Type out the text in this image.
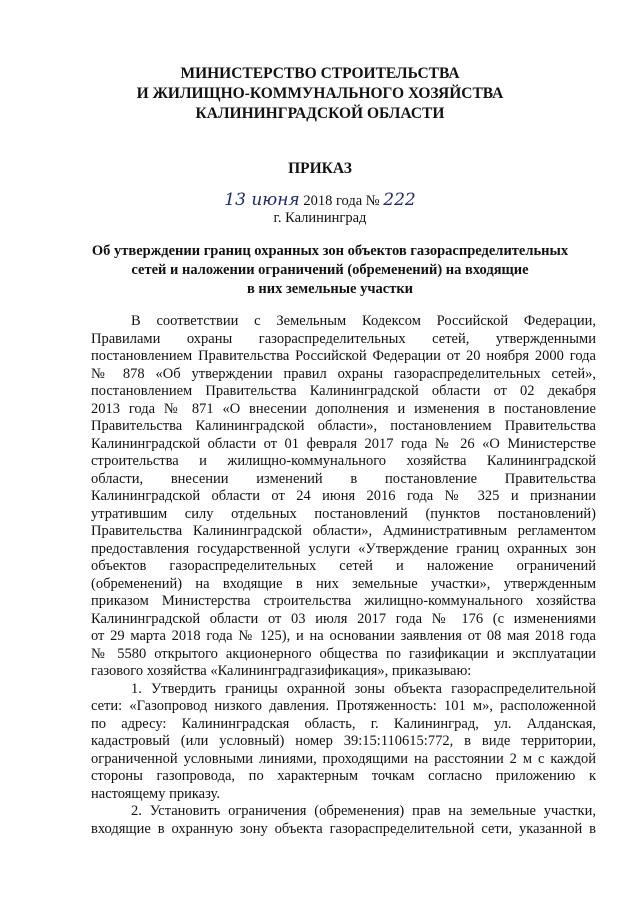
МИНИСТЕРСТВО СТРОИТЕЛЬСТВА
И ЖИЛИЩНО-КОММУНАЛЬНОГО ХОЗЯЙСТВА
КАЛИНИНГРАДСКОЙ ОБЛАСТИ
ПРИКАЗ
13 июня 2018 года № 222
г. Калининград
Об утверждении границ охранных зон объектов газораспределительных
сетей и наложении ограничений (обременений) на входящие
в них земельные участки
В соответствии с Земельным Кодексом Российской Федерации,
Правилами охраны газораспределительных сетей, утвержденными
постановлением Правительства Российской Федерации от 20 ноября 2000 года
№ 878 «Об утверждении правил охраны газораспределительных сетей»,
постановлением Правительства Калининградской области от 02 декабря
2013 года № 871 «О внесении дополнения и изменения в постановление
Правительства Калининградской области», постановлением Правительства
Калининградской области от 01 февраля 2017 года № 26 «О Министерстве
строительства и жилищно-коммунального хозяйства Калининградской
области, внесении изменений в постановление Правительства
Калининградской области от 24 июня 2016 года № 325 и признании
утратившим силу отдельных постановлений (пунктов постановлений)
Правительства Калининградской области», Административным регламентом
предоставления государственной услуги «Утверждение границ охранных зон
объектов газораспределительных сетей и наложение ограничений
(обременений) на входящие в них земельные участки», утвержденным
приказом Министерства строительства жилищно-коммунального хозяйства
Калининградской области от 03 июля 2017 года № 176 (с изменениями
от 29 марта 2018 года № 125), и на основании заявления от 08 мая 2018 года
№ 5580 открытого акционерного общества по газификации и эксплуатации
газового хозяйства «Калининградгазификация», приказываю:
1. Утвердить границы охранной зоны объекта газораспределительной
сети: «Газопровод низкого давления. Протяженность: 101 м», расположенной
по адресу: Калининградская область, г. Калининград, ул. Алданская,
кадастровый (или условный) номер 39:15:110615:772, в виде территории,
ограниченной условными линиями, проходящими на расстоянии 2 м с каждой
стороны газопровода, по характерным точкам согласно приложению к
настоящему приказу.
2. Установить ограничения (обременения) прав на земельные участки,
входящие в охранную зону объекта газораспределительной сети, указанной в
